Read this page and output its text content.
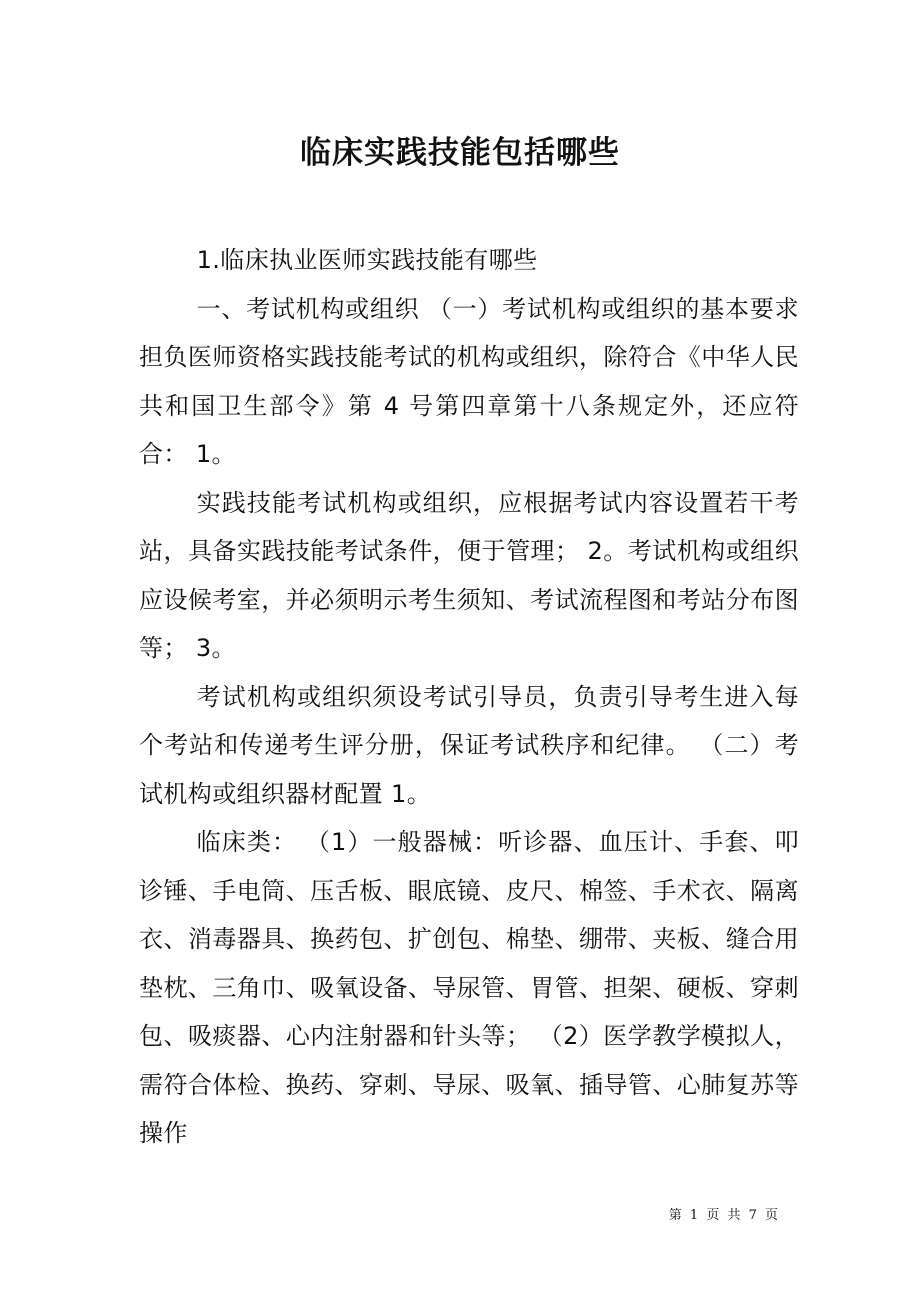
临床实践技能包括哪些

1.临床执业医师实践技能有哪些

一、考试机构或组织 （一）考试机构或组织的基本要求担负医师资格实践技能考试的机构或组织，除符合《中华人民共和国卫生部令》第 4 号第四章第十八条规定外，还应符合： 1。

实践技能考试机构或组织，应根据考试内容设置若干考站，具备实践技能考试条件，便于管理； 2。考试机构或组织应设候考室，并必须明示考生须知、考试流程图和考站分布图等； 3。

考试机构或组织须设考试引导员，负责引导考生进入每个考站和传递考生评分册，保证考试秩序和纪律。 （二）考试机构或组织器材配置 1。

临床类： （1）一般器械：听诊器、血压计、手套、叩诊锤、手电筒、压舌板、眼底镜、皮尺、棉签、手术衣、隔离衣、消毒器具、换药包、扩创包、棉垫、绷带、夹板、缝合用垫枕、三角巾、吸氧设备、导尿管、胃管、担架、硬板、穿刺包、吸痰器、心内注射器和针头等； （2）医学教学模拟人，需符合体检、换药、穿刺、导尿、吸氧、插导管、心肺复苏等操作

第 1 页 共 7 页
